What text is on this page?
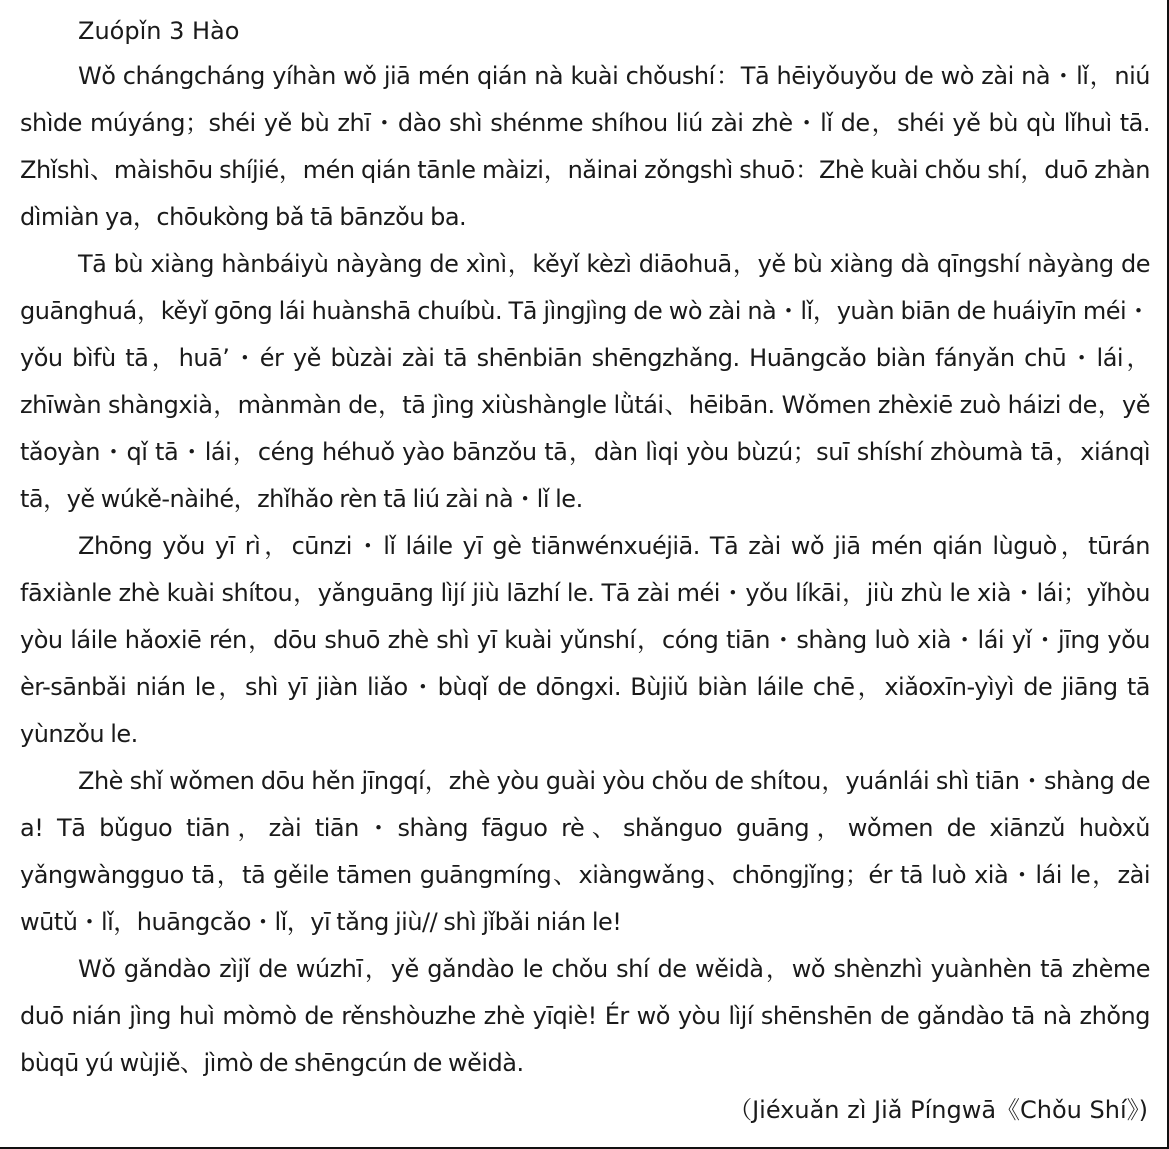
Zuópǐn 3 Hào

Wǒ chángcháng yíhàn wǒ jiā mén qián nà kuài chǒushí：Tā hēiyǒuyǒu de wò zài nà・lǐ，niú shìde múyáng；shéi yě bù zhī・dào shì shénme shíhou liú zài zhè・lǐ de，shéi yě bù qù lǐhuì tā. Zhǐshì、màishōu shíjié，mén qián tānle màizi，nǎinai zǒngshì shuō：Zhè kuài chǒu shí，duō zhàn dìmiàn ya，chōukòng bǎ tā bānzǒu ba.

Tā bù xiàng hànbáiyù nàyàng de xìnì，kěyǐ kèzì diāohuā，yě bù xiàng dà qīngshí nàyàng de guānghuá，kěyǐ gōng lái huànshā chuíbù. Tā jìngjìng de wò zài nà・lǐ，yuàn biān de huáiyīn méi・yǒu bìfù tā，huā’・ér yě bùzài zài tā shēnbiān shēngzhǎng. Huāngcǎo biàn fányǎn chū・lái，zhīwàn shàngxià，mànmàn de，tā jìng xiùshàngle lǜtái、hēibān. Wǒmen zhèxiē zuò háizi de，yě tǎoyàn・qǐ tā・lái，céng héhuǒ yào bānzǒu tā，dàn lìqi yòu bùzú；suī shíshí zhòumà tā，xiánqì tā，yě wúkě-nàihé，zhǐhǎo rèn tā liú zài nà・lǐ le.

Zhōng yǒu yī rì，cūnzi・lǐ láile yī gè tiānwénxuéjiā. Tā zài wǒ jiā mén qián lùguò，tūrán fāxiànle zhè kuài shítou，yǎnguāng lìjí jiù lāzhí le. Tā zài méi・yǒu líkāi，jiù zhù le xià・lái；yǐhòu yòu láile hǎoxiē rén，dōu shuō zhè shì yī kuài yǔnshí，cóng tiān・shàng luò xià・lái yǐ・jīng yǒu èr-sānbǎi nián le，shì yī jiàn liǎo・bùqǐ de dōngxi. Bùjiǔ biàn láile chē，xiǎoxīn-yìyì de jiāng tā yùnzǒu le.

Zhè shǐ wǒmen dōu hěn jīngqí，zhè yòu guài yòu chǒu de shítou，yuánlái shì tiān・shàng de a! Tā bǔguo tiān，zài tiān・shàng fāguo rè、shǎnguo guāng，wǒmen de xiānzǔ huòxǔ yǎngwàngguo tā，tā gěile tāmen guāngmíng、xiàngwǎng、chōngjǐng；ér tā luò xià・lái le，zài wūtǔ・lǐ，huāngcǎo・lǐ，yī tǎng jiù// shì jǐbǎi nián le!

Wǒ gǎndào zìjǐ de wúzhī，yě gǎndào le chǒu shí de wěidà，wǒ shènzhì yuànhèn tā zhème duō nián jìng huì mòmò de rěnshòuzhe zhè yīqiè! Ér wǒ yòu lìjí shēnshēn de gǎndào tā nà zhǒng bùqū yú wùjiě、jìmò de shēngcún de wěidà.

（Jiéxuǎn zì Jiǎ Píngwā《Chǒu Shí》)
